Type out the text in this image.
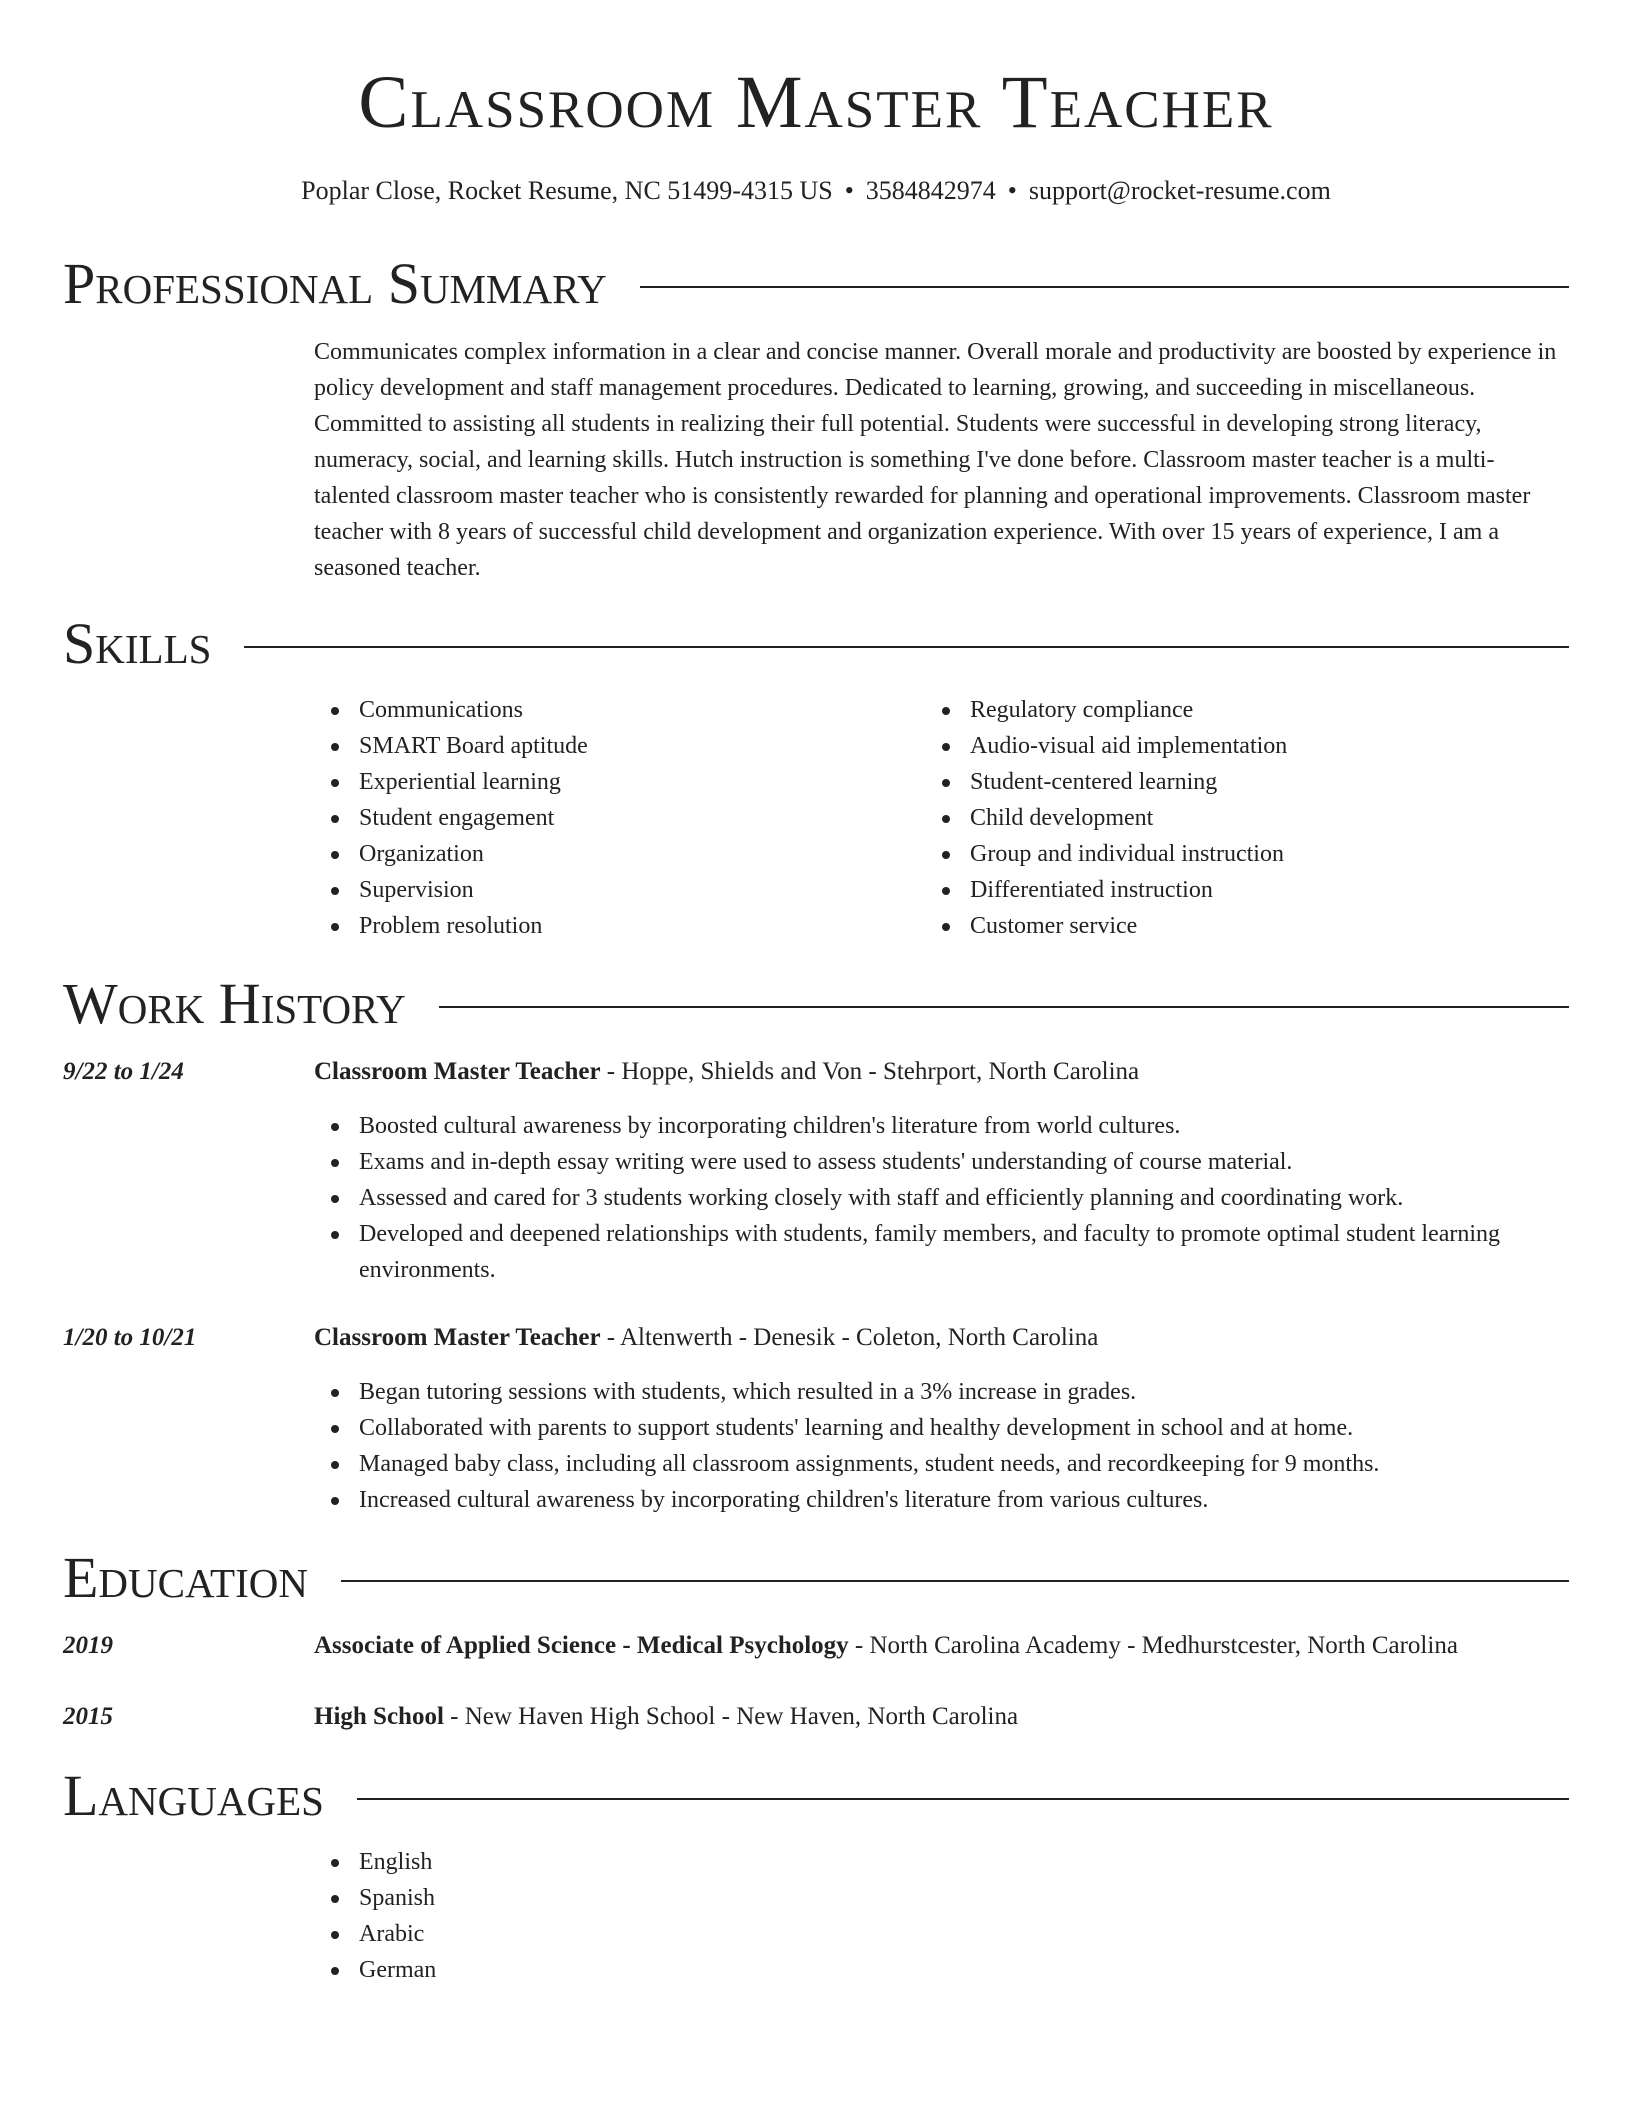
Classroom Master Teacher
Poplar Close, Rocket Resume, NC 51499-4315 US • 3584842974 • support@rocket-resume.com
Professional Summary

Communicates complex information in a clear and concise manner. Overall morale and productivity are boosted by experience in policy development and staff management procedures. Dedicated to learning, growing, and succeeding in miscellaneous. Committed to assisting all students in realizing their full potential. Students were successful in developing strong literacy, numeracy, social, and learning skills. Hutch instruction is something I've done before. Classroom master teacher is a multi-talented classroom master teacher who is consistently rewarded for planning and operational improvements. Classroom master teacher with 8 years of successful child development and organization experience. With over 15 years of experience, I am a seasoned teacher.

Skills
Communications
SMART Board aptitude
Experiential learning
Student engagement
Organization
Supervision
Problem resolution
Regulatory compliance
Audio-visual aid implementation
Student-centered learning
Child development
Group and individual instruction
Differentiated instruction
Customer service
Work History
9/22 to 1/24	Classroom Master Teacher - Hoppe, Shields and Von - Stehrport, North Carolina
Boosted cultural awareness by incorporating children's literature from world cultures.
Exams and in-depth essay writing were used to assess students' understanding of course material.
Assessed and cared for 3 students working closely with staff and efficiently planning and coordinating work.
Developed and deepened relationships with students, family members, and faculty to promote optimal student learning environments.
1/20 to 10/21	Classroom Master Teacher - Altenwerth - Denesik - Coleton, North Carolina
Began tutoring sessions with students, which resulted in a 3% increase in grades.
Collaborated with parents to support students' learning and healthy development in school and at home.
Managed baby class, including all classroom assignments, student needs, and recordkeeping for 9 months.
Increased cultural awareness by incorporating children's literature from various cultures.
Education
2019	Associate of Applied Science - Medical Psychology - North Carolina Academy - Medhurstcester, North Carolina
2015	High School - New Haven High School - New Haven, North Carolina
Languages
English
Spanish
Arabic
German
